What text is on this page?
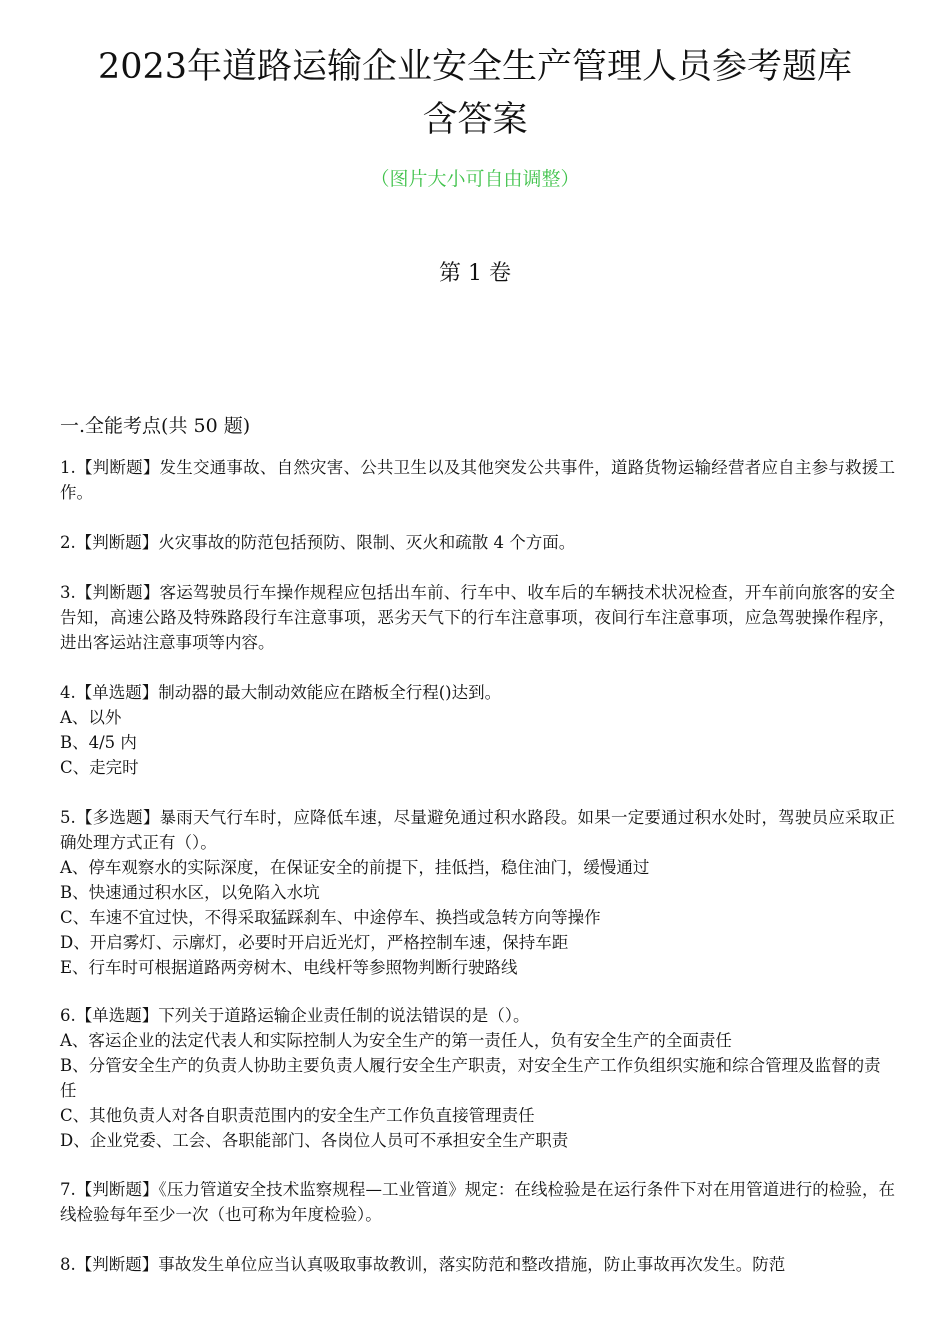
2023年道路运输企业安全生产管理人员参考题库
含答案
（图片大小可自由调整）
第 1 卷
一.全能考点(共 50 题)

1.【判断题】发生交通事故、自然灾害、公共卫生以及其他突发公共事件，道路货物运输经营者应自主参与救援工作。

2.【判断题】火灾事故的防范包括预防、限制、灭火和疏散 4 个方面。

3.【判断题】客运驾驶员行车操作规程应包括出车前、行车中、收车后的车辆技术状况检查，开车前向旅客的安全告知，高速公路及特殊路段行车注意事项，恶劣天气下的行车注意事项，夜间行车注意事项，应急驾驶操作程序，进出客运站注意事项等内容。

4.【单选题】制动器的最大制动效能应在踏板全行程()达到。

A、以外

B、4/5 内

C、走完时

5.【多选题】暴雨天气行车时，应降低车速，尽量避免通过积水路段。如果一定要通过积水处时，驾驶员应采取正确处理方式正有（）。

A、停车观察水的实际深度，在保证安全的前提下，挂低挡，稳住油门，缓慢通过

B、快速通过积水区，以免陷入水坑

C、车速不宜过快，不得采取猛踩刹车、中途停车、换挡或急转方向等操作

D、开启雾灯、示廓灯，必要时开启近光灯，严格控制车速，保持车距

E、行车时可根据道路两旁树木、电线杆等参照物判断行驶路线

6.【单选题】下列关于道路运输企业责任制的说法错误的是（）。

A、客运企业的法定代表人和实际控制人为安全生产的第一责任人，负有安全生产的全面责任

B、分管安全生产的负责人协助主要负责人履行安全生产职责，对安全生产工作负组织实施和综合管理及监督的责任

C、其他负责人对各自职责范围内的安全生产工作负直接管理责任

D、企业党委、工会、各职能部门、各岗位人员可不承担安全生产职责

7.【判断题】《压力管道安全技术监察规程—工业管道》规定：在线检验是在运行条件下对在用管道进行的检验，在线检验每年至少一次（也可称为年度检验）。

8.【判断题】事故发生单位应当认真吸取事故教训，落实防范和整改措施，防止事故再次发生。防范
